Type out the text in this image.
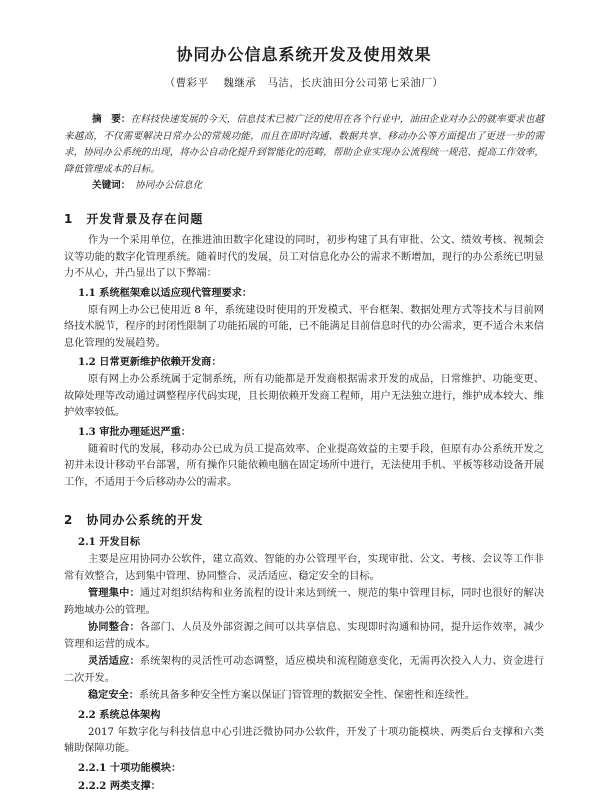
协同办公信息系统开发及使用效果
（曹彩平　 魏继承　马洁，长庆油田分公司第七采油厂）
摘　要：在科技快速发展的今天，信息技术已被广泛的使用在各个行业中，油田企业对办公的就率要求也越来越高，不仅需要解决日常办公的常规功能，而且在即时沟通、数据共享、移动办公等方面提出了更进一步的需求，协同办公系统的出现，将办公自动化提升到智能化的范畴，帮助企业实现办公流程统一规范、提高工作效率，降低管理成本的目标。
关键词：　协同办公信息化
1　开发背景及存在问题
作为一个采用单位，在推进油田数字化建设的同时，初步构建了具有审批、公文、绩效考核、视频会议等功能的数字化管理系统。随着时代的发展，员工对信息化办公的需求不断增加，现行的办公系统已明显力不从心，并凸显出了以下弊端：
1.1 系统框架难以适应现代管理要求：
原有网上办公已使用近 8 年，系统建设时使用的开发模式、平台框架、数据处理方式等技术与目前网络技术脱节，程序的封闭性限制了功能拓展的可能，已不能满足目前信息时代的办公需求，更不适合未来信息化管理的发展趋势。
1.2 日常更新维护依赖开发商：
原有网上办公系统属于定制系统，所有功能都是开发商根据需求开发的成品，日常维护、功能变更、故障处理等改动通过调整程序代码实现，且长期依赖开发商工程师，用户无法独立进行，维护成本较大、维护效率较低。
1.3 审批办理延迟严重：
随着时代的发展，移动办公已成为员工提高效率、企业提高效益的主要手段，但原有办公系统开发之初并未设计移动平台部署，所有操作只能依赖电脑在固定场所中进行，无法使用手机、平板等移动设备开展工作，不适用于今后移动办公的需求。
2　协同办公系统的开发
2.1 开发目标
主要是应用协同办公软件，建立高效、智能的办公管理平台，实现审批、公文、考核、会议等工作非常有效整合，达到集中管理、协同整合、灵活适应、稳定安全的目标。
管理集中：通过对组织结构和业务流程的设计来达到统一、规范的集中管理目标，同时也很好的解决跨地域办公的管理。
协同整合：各部门、人员及外部资源之间可以共享信息、实现即时沟通和协同，提升运作效率，减少管理和运营的成本。
灵活适应：系统架构的灵活性可动态调整，适应模块和流程随意变化，无需再次投入人力、资金进行二次开发。
稳定安全：系统具备多种安全性方案以保证门管管理的数据安全性、保密性和连续性。
2.2 系统总体架构
2017 年数字化与科技信息中心引进泛微协同办公软件，开发了十项功能模块、两类后台支撑和六类辅助保障功能。
2.2.1 十项功能模块：
2.2.2 两类支撑：
